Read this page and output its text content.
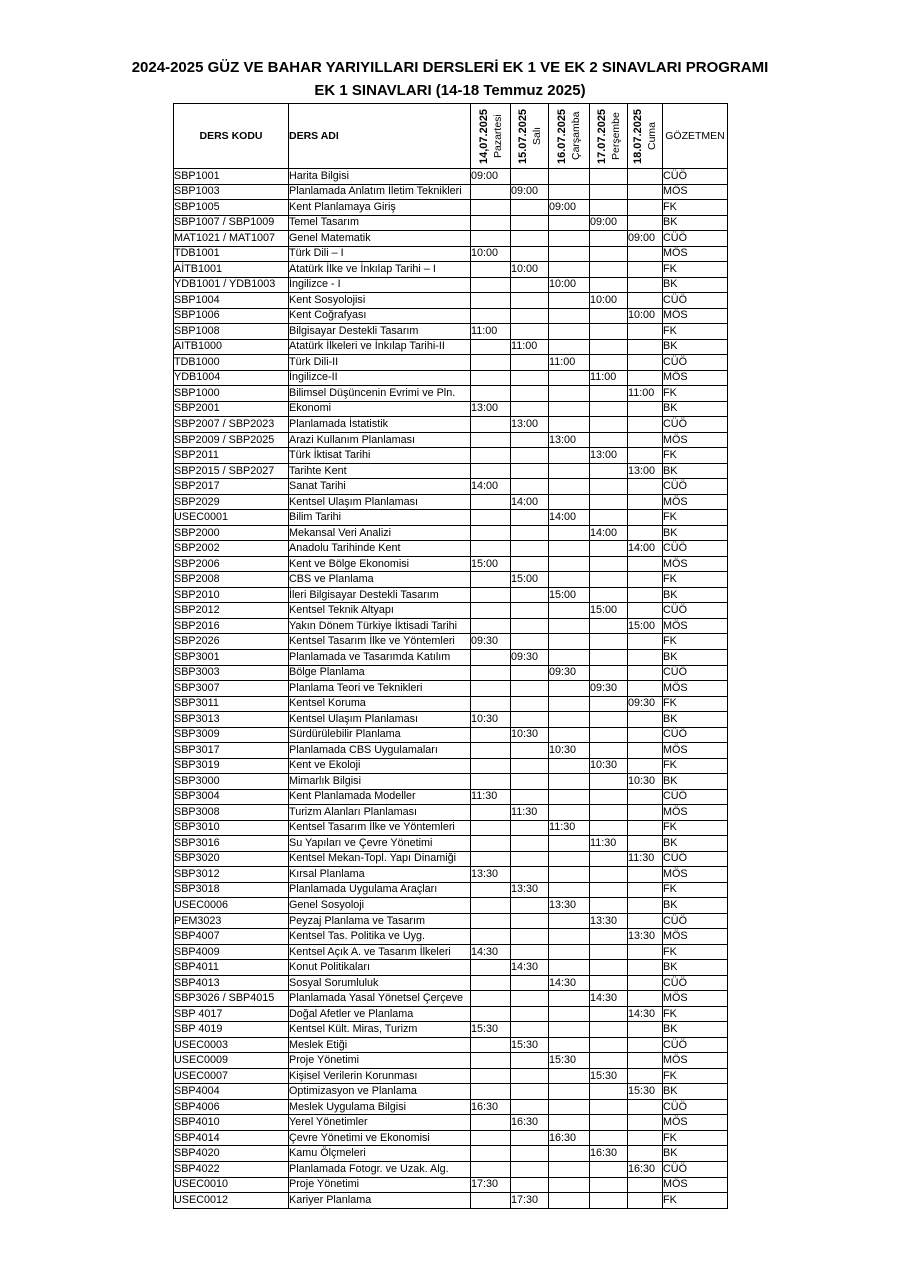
2024-2025 GÜZ VE BAHAR YARIYILLARI DERSLERİ EK 1 VE EK 2 SINAVLARI PROGRAMI
EK 1 SINAVLARI (14-18 Temmuz 2025)
DERS KODU	DERS ADI	14,07.2025 Pazartesi	15.07.2025 Salı	16.07.2025 Çarşamba	17.07.2025 Perşembe	18.07.2025 Cuma	GÖZETMEN
SBP1001	Harita Bilgisi	09:00					CÜÖ
SBP1003	Planlamada Anlatım İletim Teknikleri		09:00				MÖS
SBP1005	Kent Planlamaya Giriş			09:00			FK
SBP1007 / SBP1009	Temel Tasarım				09:00		BK
MAT1021 / MAT1007	Genel Matematik					09:00	CÜÖ
TDB1001	Türk Dili – I	10:00					MÖS
AİTB1001	Atatürk İlke ve İnkılap Tarihi – I		10:00				FK
YDB1001 / YDB1003	İngilizce - I			10:00			BK
SBP1004	Kent Sosyolojisi				10:00		CÜÖ
SBP1006	Kent Coğrafyası					10:00	MÖS
SBP1008	Bilgisayar Destekli Tasarım	11:00					FK
AITB1000	Atatürk İlkeleri ve İnkılap Tarihi-II		11:00				BK
TDB1000	Türk Dili-II			11:00			CÜÖ
YDB1004	İngilizce-II				11:00		MÖS
SBP1000	Bilimsel Düşüncenin Evrimi ve Pln.					11:00	FK
SBP2001	Ekonomi	13:00					BK
SBP2007 / SBP2023	Planlamada İstatistik		13:00				CÜÖ
SBP2009 / SBP2025	Arazi Kullanım Planlaması			13:00			MÖS
SBP2011	Türk İktisat Tarihi				13:00		FK
SBP2015 / SBP2027	Tarihte Kent					13:00	BK
SBP2017	Sanat Tarihi	14:00					CÜÖ
SBP2029	Kentsel Ulaşım Planlaması		14:00				MÖS
USEC0001	Bilim Tarihi			14:00			FK
SBP2000	Mekansal Veri Analizi				14:00		BK
SBP2002	Anadolu Tarihinde Kent					14:00	CÜÖ
SBP2006	Kent ve Bölge Ekonomisi	15:00					MÖS
SBP2008	CBS ve Planlama		15:00				FK
SBP2010	İleri Bilgisayar Destekli Tasarım			15:00			BK
SBP2012	Kentsel Teknik Altyapı				15:00		CÜÖ
SBP2016	Yakın Dönem Türkiye İktisadi Tarihi					15:00	MÖS
SBP2026	Kentsel Tasarım İlke ve Yöntemleri	09:30					FK
SBP3001	Planlamada ve Tasarımda Katılım		09:30				BK
SBP3003	Bölge Planlama			09:30			CÜÖ
SBP3007	Planlama Teori ve Teknikleri				09:30		MÖS
SBP3011	Kentsel Koruma					09:30	FK
SBP3013	Kentsel Ulaşım Planlaması	10:30					BK
SBP3009	Sürdürülebilir Planlama		10:30				CÜÖ
SBP3017	Planlamada CBS Uygulamaları			10:30			MÖS
SBP3019	Kent ve Ekoloji				10:30		FK
SBP3000	Mimarlık Bilgisi					10:30	BK
SBP3004	Kent Planlamada Modeller	11:30					CÜÖ
SBP3008	Turizm Alanları Planlaması		11:30				MÖS
SBP3010	Kentsel Tasarım İlke ve Yöntemleri			11:30			FK
SBP3016	Su Yapıları ve Çevre Yönetimi				11:30		BK
SBP3020	Kentsel Mekan-Topl. Yapı Dinamiği					11:30	CÜÖ
SBP3012	Kırsal Planlama	13:30					MÖS
SBP3018	Planlamada Uygulama Araçları		13:30				FK
USEC0006	Genel Sosyoloji			13:30			BK
PEM3023	Peyzaj Planlama ve Tasarım				13:30		CÜÖ
SBP4007	Kentsel Tas. Politika ve Uyg.					13:30	MÖS
SBP4009	Kentsel Açık A. ve Tasarım İlkeleri	14:30					FK
SBP4011	Konut Politikaları		14:30				BK
SBP4013	Sosyal Sorumluluk			14:30			CÜÖ
SBP3026 / SBP4015	Planlamada Yasal Yönetsel Çerçeve				14:30		MÖS
SBP 4017	Doğal Afetler ve Planlama					14:30	FK
SBP 4019	Kentsel Kült. Miras, Turizm	15:30					BK
USEC0003	Meslek Etiği		15:30				CÜÖ
USEC0009	Proje Yönetimi			15:30			MÖS
USEC0007	Kişisel Verilerin Korunması				15:30		FK
SBP4004	Optimizasyon ve Planlama					15:30	BK
SBP4006	Meslek Uygulama Bilgisi	16:30					CÜÖ
SBP4010	Yerel Yönetimler		16:30				MÖS
SBP4014	Çevre Yönetimi ve Ekonomisi			16:30			FK
SBP4020	Kamu Ölçmeleri				16:30		BK
SBP4022	Planlamada Fotogr. ve Uzak. Alg.					16:30	CÜÖ
USEC0010	Proje Yönetimi	17:30					MÖS
USEC0012	Kariyer Planlama		17:30				FK
